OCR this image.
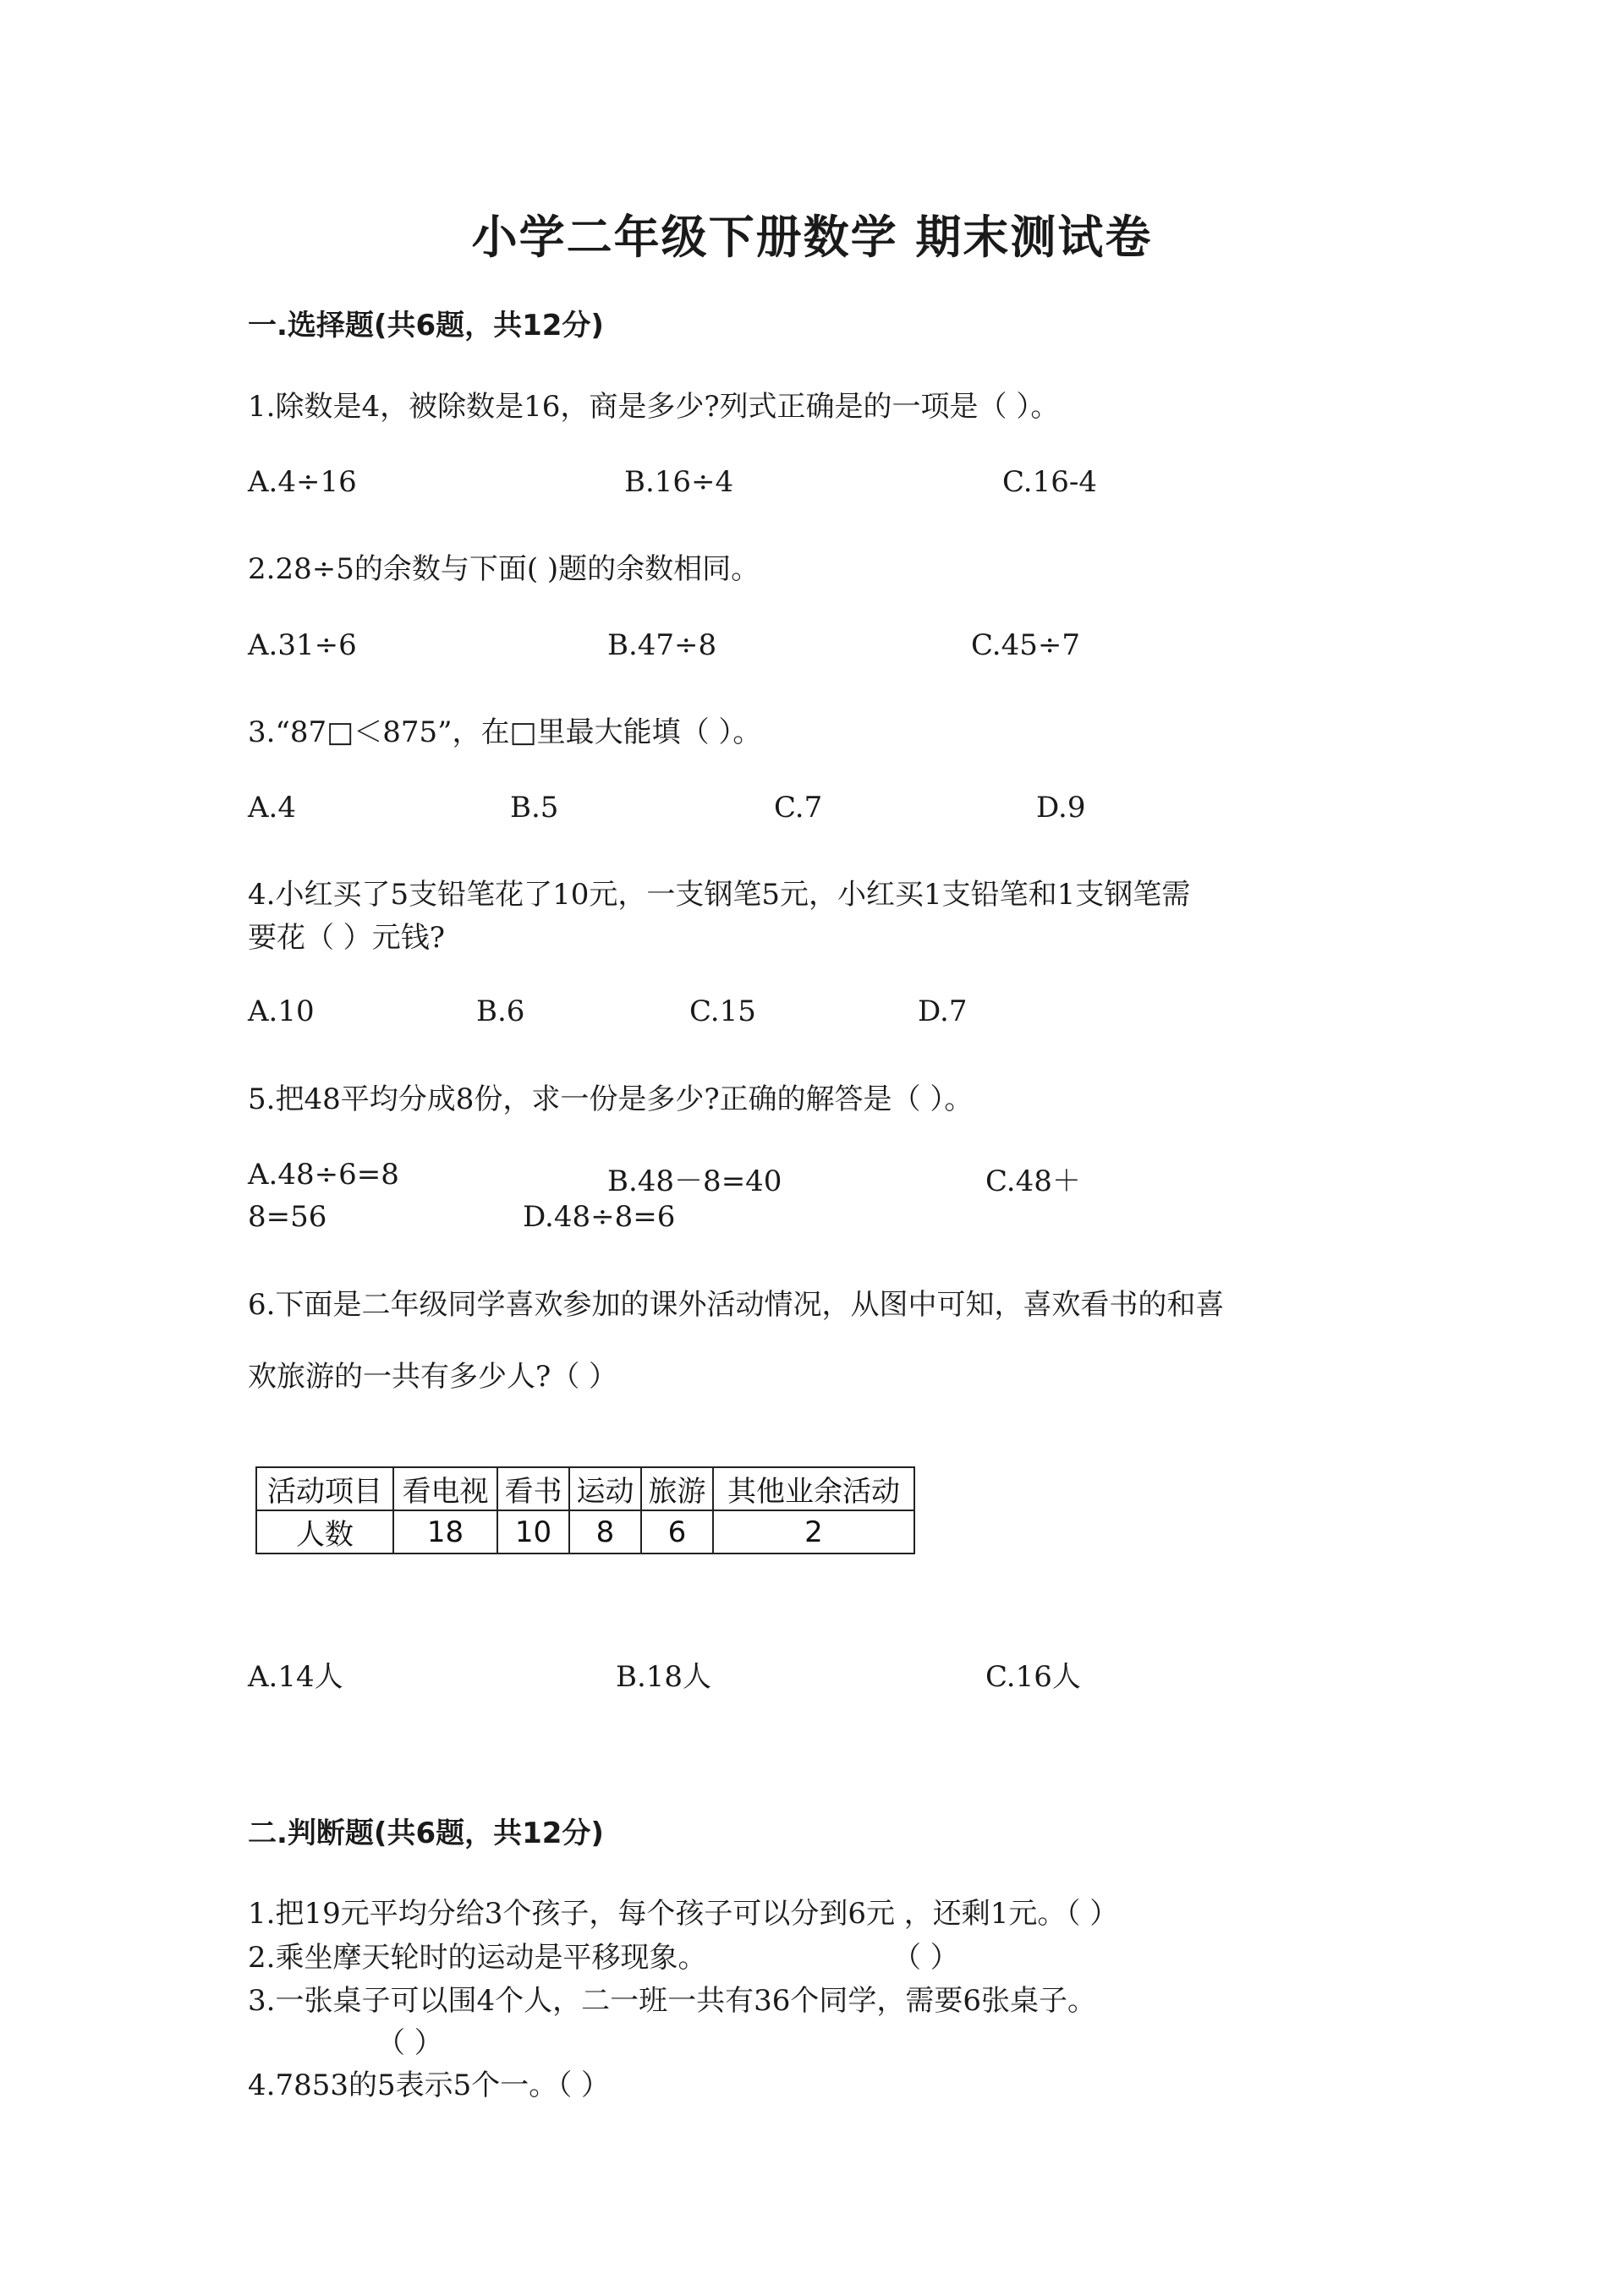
小学二年级下册数学 期末测试卷
一.选择题(共6题，共12分)
1.除数是4，被除数是16，商是多少?列式正确是的一项是（ ）。
A.4÷16	B.16÷4	C.16-4
2.28÷5的余数与下面( )题的余数相同。
A.31÷6	B.47÷8	C.45÷7
3.“87□＜875”，在□里最大能填（ ）。
A.4	B.5	C.7	D.9
4.小红买了5支铅笔花了10元，一支钢笔5元，小红买1支铅笔和1支钢笔需
要花（ ）元钱?
A.10	B.6	C.15	D.7
5.把48平均分成8份，求一份是多少?正确的解答是（ ）。
A.48÷6=8	B.48－8=40	C.48＋
8=56	D.48÷8=6
6.下面是二年级同学喜欢参加的课外活动情况，从图中可知，喜欢看书的和喜
欢旅游的一共有多少人?（ ）
活动项目	看电视	看书	运动	旅游	其他业余活动
人数	18	10	8	6	2
A.14人	B.18人	C.16人
二.判断题(共6题，共12分)
1.把19元平均分给3个孩子，每个孩子可以分到6元 ，还剩1元。（ ）
2.乘坐摩天轮时的运动是平移现象。	（ ）
3.一张桌子可以围4个人，二一班一共有36个同学，需要6张桌子。
（ ）
4.7853的5表示5个一。（ ）
